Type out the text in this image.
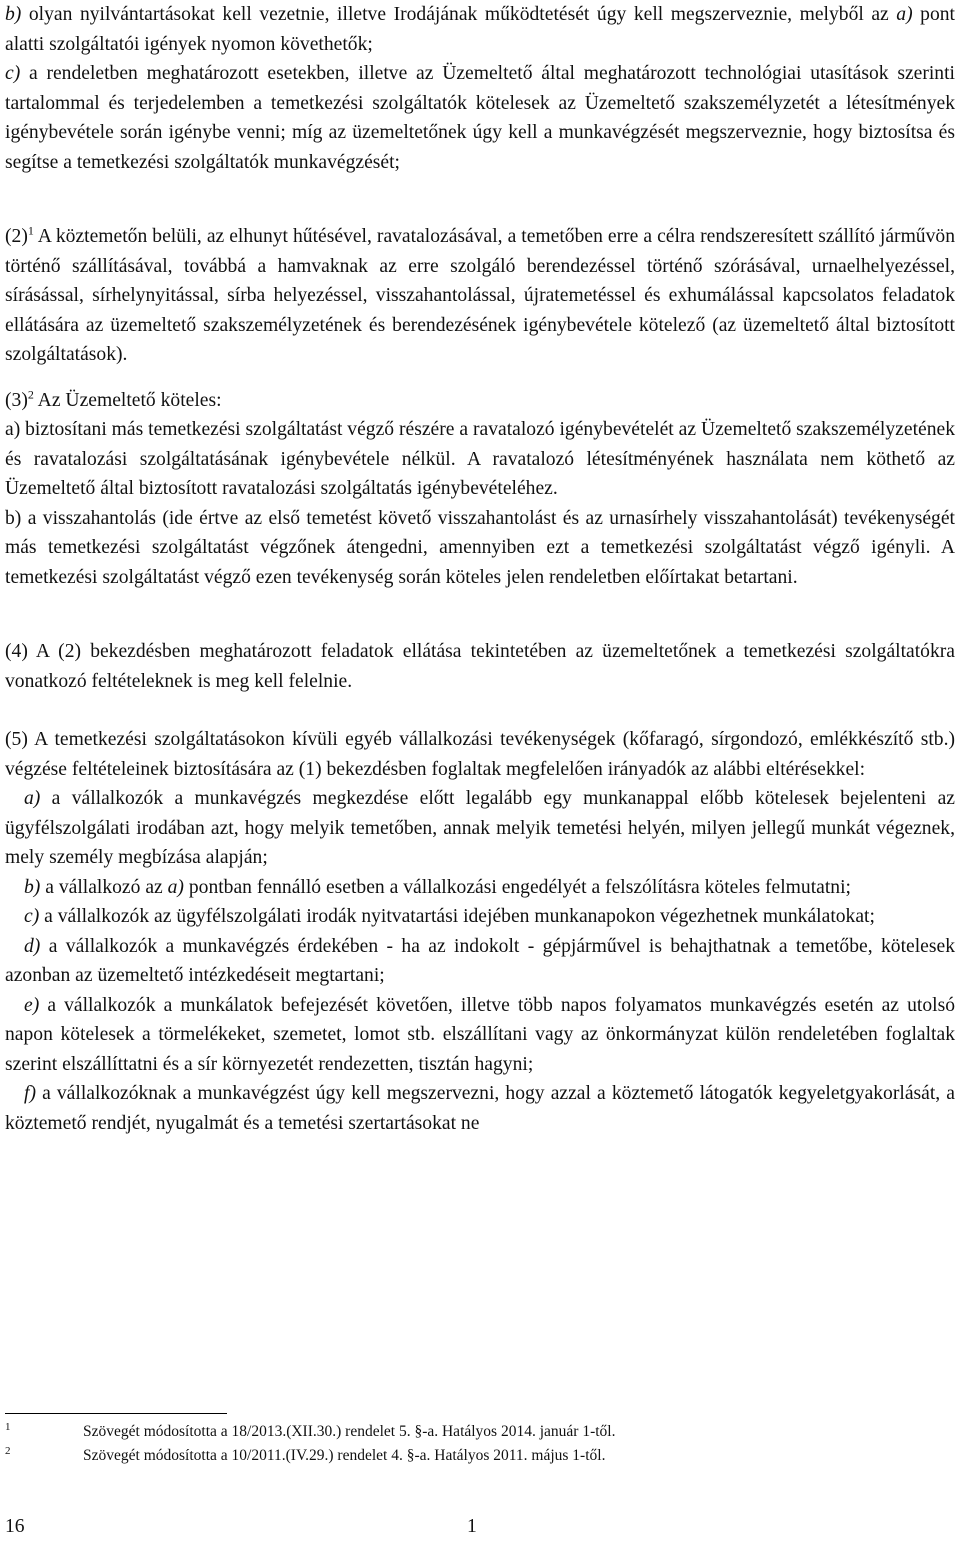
b) olyan nyilvántartásokat kell vezetnie, illetve Irodájának működtetését úgy kell megszerveznie, melyből az a) pont alatti szolgáltatói igények nyomon követhetők;

c) a rendeletben meghatározott esetekben, illetve az Üzemeltető által meghatározott technológiai utasítások szerinti tartalommal és terjedelemben a temetkezési szolgáltatók kötelesek az Üzemeltető szakszemélyzetét a létesítmények igénybevétele során igénybe venni; míg az üzemeltetőnek úgy kell a munkavégzését megszerveznie, hogy biztosítsa és segítse a temetkezési szolgáltatók munkavégzését;

$(2)^1$ A köztemetőn belüli, az elhunyt hűtésével, ravatalozásával, a temetőben erre a célra rendszeresített szállító járművön történő szállításával, továbbá a hamvaknak az erre szolgáló berendezéssel történő szórásával, urnaelhelyezéssel, sírásással, sírhelynyitással, sírba helyezéssel, visszahantolással, újratemetéssel és exhumálással kapcsolatos feladatok ellátására az üzemeltető szakszemélyzetének és berendezésének igénybevétele kötelező (az üzemeltető által biztosított szolgáltatások).

$(3)^2$ Az Üzemeltető köteles:

a) biztosítani más temetkezési szolgáltatást végző részére a ravatalozó igénybevételét az Üzemeltető szakszemélyzetének és ravatalozási szolgáltatásának igénybevétele nélkül. A ravatalozó létesítményének használata nem köthető az Üzemeltető által biztosított ravatalozási szolgáltatás igénybevételéhez.

b) a visszahantolás (ide értve az első temetést követő visszahantolást és az urnasírhely visszahantolását) tevékenységét más temetkezési szolgáltatást végzőnek átengedni, amennyiben ezt a temetkezési szolgáltatást végző igényli. A temetkezési szolgáltatást végző ezen tevékenység során köteles jelen rendeletben előírtakat betartani.

(4) A (2) bekezdésben meghatározott feladatok ellátása tekintetében az üzemeltetőnek a temetkezési szolgáltatókra vonatkozó feltételeknek is meg kell felelnie.

(5) A temetkezési szolgáltatásokon kívüli egyéb vállalkozási tevékenységek (kőfaragó, sírgondozó, emlékkészítő stb.) végzése feltételeinek biztosítására az (1) bekezdésben foglaltak megfelelően irányadók az alábbi eltérésekkel:

a) a vállalkozók a munkavégzés megkezdése előtt legalább egy munkanappal előbb kötelesek bejelenteni az ügyfélszolgálati irodában azt, hogy melyik temetőben, annak melyik temetési helyén, milyen jellegű munkát végeznek, mely személy megbízása alapján;

b) a vállalkozó az a) pontban fennálló esetben a vállalkozási engedélyét a felszólításra köteles felmutatni;

c) a vállalkozók az ügyfélszolgálati irodák nyitvatartási idejében munkanapokon végezhetnek munkálatokat;

d) a vállalkozók a munkavégzés érdekében - ha az indokolt - gépjárművel is behajthatnak a temetőbe, kötelesek azonban az üzemeltető intézkedéseit megtartani;

e) a vállalkozók a munkálatok befejezését követően, illetve több napos folyamatos munkavégzés esetén az utolsó napon kötelesek a törmelékeket, szemetet, lomot stb. elszállítani vagy az önkormányzat külön rendeletében foglaltak szerint elszállíttatni és a sír környezetét rendezetten, tisztán hagyni;

f) a vállalkozóknak a munkavégzést úgy kell megszervezni, hogy azzal a köztemető látogatók kegyeletgyakorlását, a köztemető rendjét, nyugalmát és a temetési szertartásokat ne

1	Szövegét módosította a 18/2013.(XII.30.) rendelet 5. §-a. Hatályos 2014. január 1-től.
2	Szövegét módosította a 10/2011.(IV.29.) rendelet 4. §-a. Hatályos 2011. május 1-től.
16	1
